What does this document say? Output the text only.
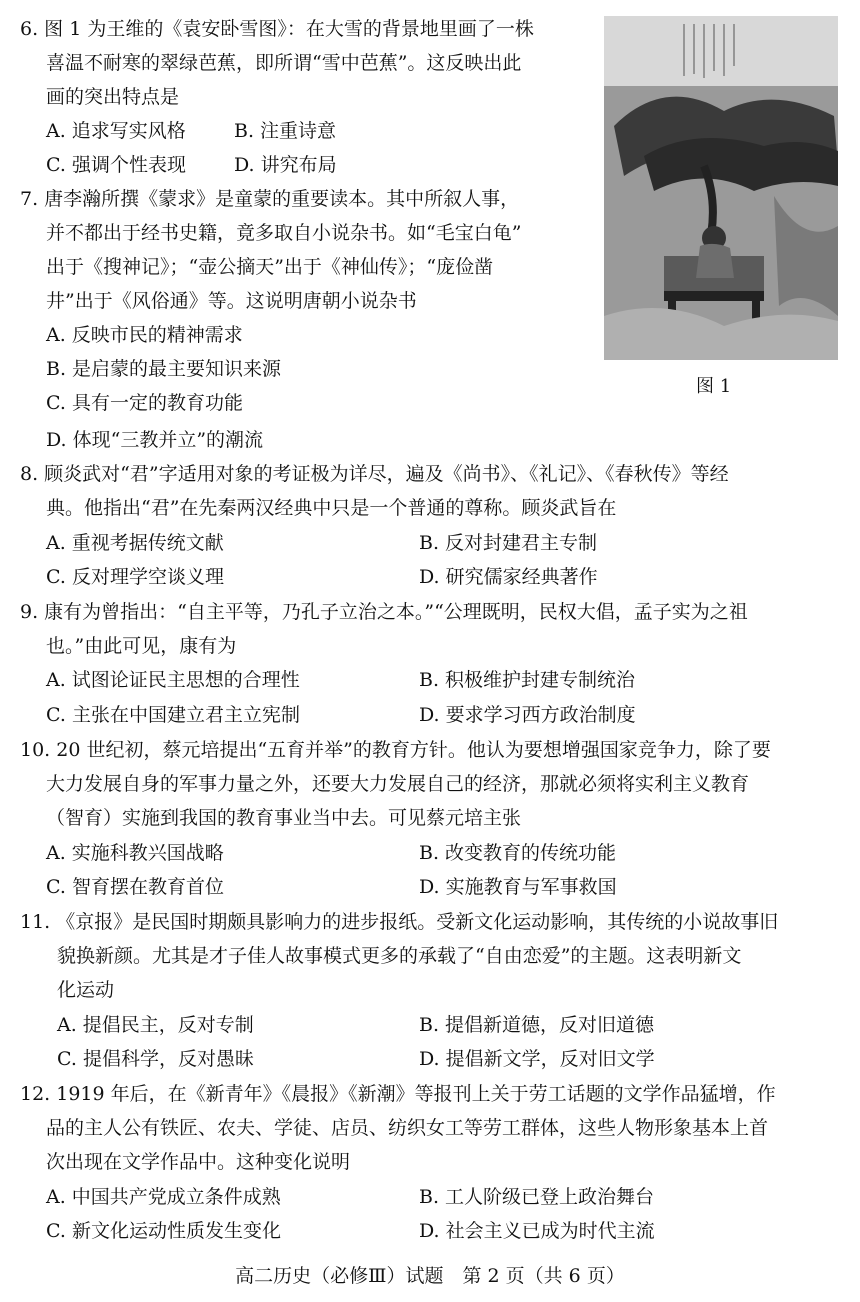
图 1
6. 图 1 为王维的《袁安卧雪图》：在大雪的背景地里画了一株
喜温不耐寒的翠绿芭蕉，即所谓“雪中芭蕉”。这反映出此
画的突出特点是
A. 追求写实风格	B. 注重诗意
C. 强调个性表现	D. 讲究布局
7. 唐李瀚所撰《蒙求》是童蒙的重要读本。其中所叙人事，
并不都出于经书史籍，竟多取自小说杂书。如“毛宝白龟”
出于《搜神记》；“壶公摘天”出于《神仙传》；“庞俭凿
井”出于《风俗通》等。这说明唐朝小说杂书
A. 反映市民的精神需求
B. 是启蒙的最主要知识来源
C. 具有一定的教育功能
D. 体现“三教并立”的潮流
8. 顾炎武对“君”字适用对象的考证极为详尽，遍及《尚书》、《礼记》、《春秋传》等经
典。他指出“君”在先秦两汉经典中只是一个普通的尊称。顾炎武旨在
A. 重视考据传统文献	B. 反对封建君主专制
C. 反对理学空谈义理	D. 研究儒家经典著作
9. 康有为曾指出：“自主平等，乃孔子立治之本。”“公理既明，民权大倡，孟子实为之祖
也。”由此可见，康有为
A. 试图论证民主思想的合理性	B. 积极维护封建专制统治
C. 主张在中国建立君主立宪制	D. 要求学习西方政治制度
10. 20 世纪初，蔡元培提出“五育并举”的教育方针。他认为要想增强国家竞争力，除了要
大力发展自身的军事力量之外，还要大力发展自己的经济，那就必须将实利主义教育
（智育）实施到我国的教育事业当中去。可见蔡元培主张
A. 实施科教兴国战略	B. 改变教育的传统功能
C. 智育摆在教育首位	D. 实施教育与军事救国
11. 《京报》是民国时期颇具影响力的进步报纸。受新文化运动影响，其传统的小说故事旧
貌换新颜。尤其是才子佳人故事模式更多的承载了“自由恋爱”的主题。这表明新文
化运动
A. 提倡民主，反对专制	B. 提倡新道德，反对旧道德
C. 提倡科学，反对愚昧	D. 提倡新文学，反对旧文学
12. 1919 年后，在《新青年》《晨报》《新潮》等报刊上关于劳工话题的文学作品猛增，作
品的主人公有铁匠、农夫、学徒、店员、纺织女工等劳工群体，这些人物形象基本上首
次出现在文学作品中。这种变化说明
A. 中国共产党成立条件成熟	B. 工人阶级已登上政治舞台
C. 新文化运动性质发生变化	D. 社会主义已成为时代主流
高二历史（必修Ⅲ）试题　第 2 页（共 6 页）
